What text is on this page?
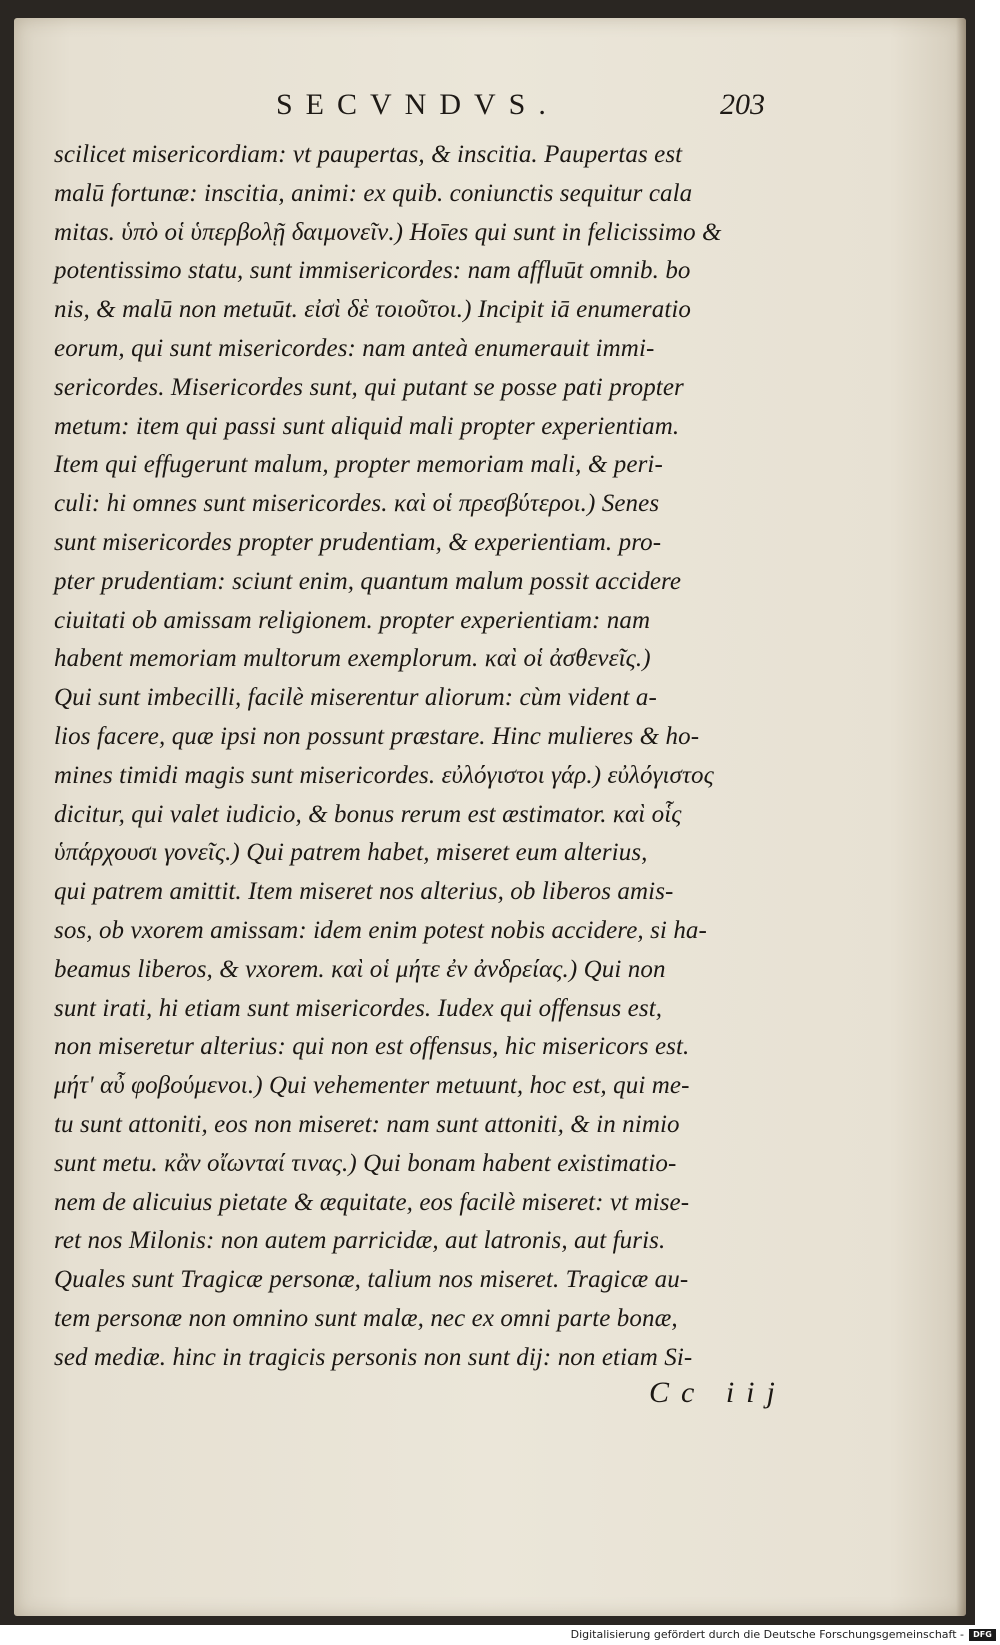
SECVNDVS.	203
scilicet misericordiam: vt paupertas, & inscitia. Paupertas est
malū fortunæ: inscitia, animi: ex quib. coniunctis sequitur cala
mitas. ὑπὸ οἱ ὑπερβολῇ δαιμονεῖν.) Hoīes qui sunt in felicissimo &
potentissimo statu, sunt immisericordes: nam affluūt omnib. bo
nis, & malū non metuūt. εἰσὶ δὲ τοιοῦτοι.) Incipit iā enumeratio
eorum, qui sunt misericordes: nam anteà enumerauit immi-
sericordes. Misericordes sunt, qui putant se posse pati propter
metum: item qui passi sunt aliquid mali propter experientiam.
Item qui effugerunt malum, propter memoriam mali, & peri-
culi: hi omnes sunt misericordes. καὶ οἱ πρεσβύτεροι.) Senes
sunt misericordes propter prudentiam, & experientiam. pro-
pter prudentiam: sciunt enim, quantum malum possit accidere
ciuitati ob amissam religionem. propter experientiam: nam
habent memoriam multorum exemplorum. καὶ οἱ ἀσθενεῖς.)
Qui sunt imbecilli, facilè miserentur aliorum: cùm vident a-
lios facere, quæ ipsi non possunt præstare. Hinc mulieres & ho-
mines timidi magis sunt misericordes. εὐλόγιστοι γάρ.) εὐλόγιστος
dicitur, qui valet iudicio, & bonus rerum est æstimator. καὶ οἷς
ὑπάρχουσι γονεῖς.) Qui patrem habet, miseret eum alterius,
qui patrem amittit. Item miseret nos alterius, ob liberos amis-
sos, ob vxorem amissam: idem enim potest nobis accidere, si ha-
beamus liberos, & vxorem. καὶ οἱ μήτε ἐν ἀνδρείας.) Qui non
sunt irati, hi etiam sunt misericordes. Iudex qui offensus est,
non miseretur alterius: qui non est offensus, hic misericors est.
μήτ' αὖ φοβούμενοι.) Qui vehementer metuunt, hoc est, qui me-
tu sunt attoniti, eos non miseret: nam sunt attoniti, & in nimio
sunt metu. κἂν οἴωνταί τινας.) Qui bonam habent existimatio-
nem de alicuius pietate & æquitate, eos facilè miseret: vt mise-
ret nos Milonis: non autem parricidæ, aut latronis, aut furis.
Quales sunt Tragicæ personæ, talium nos miseret. Tragicæ au-
tem personæ non omnino sunt malæ, nec ex omni parte bonæ,
sed mediæ. hinc in tragicis personis non sunt dij: non etiam Si-
Cc iij
Digitalisierung gefördert durch die Deutsche Forschungsgemeinschaft -	DFG
